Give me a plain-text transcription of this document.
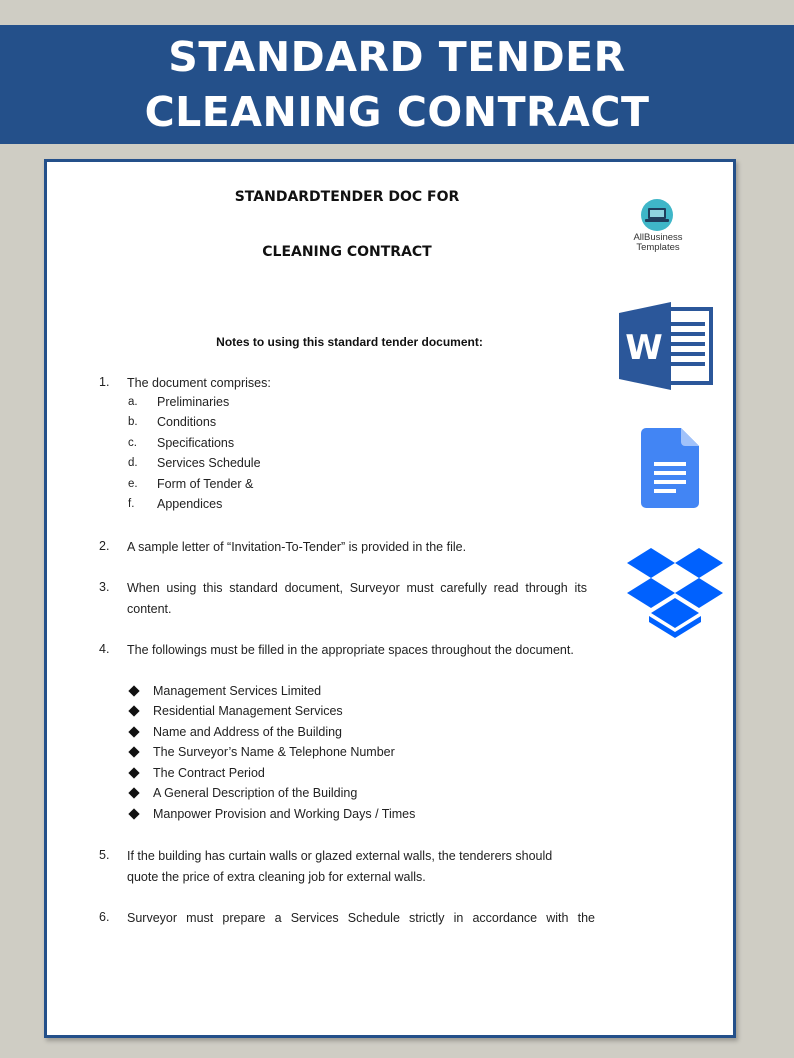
STANDARD TENDER
CLEANING CONTRACT
STANDARDTENDER DOC FOR
CLEANING CONTRACT
Notes to using this standard tender document:
1. The document comprises:
a. Preliminaries
b. Conditions
c. Specifications
d. Services Schedule
e. Form of Tender &
f. Appendices
2. A sample letter of “Invitation-To-Tender” is provided in the file.
3. When using this standard document, Surveyor must carefully read through its content.
4. The followings must be filled in the appropriate spaces throughout the document.
Management Services Limited
Residential Management Services
Name and Address of the Building
The Surveyor’s Name & Telephone Number
The Contract Period
A General Description of the Building
Manpower Provision and Working Days / Times
5. If the building has curtain walls or glazed external walls, the tenderers should quote the price of extra cleaning job for external walls.
6. Surveyor must prepare a Services Schedule strictly in accordance with the
AllBusiness
Templates
W
